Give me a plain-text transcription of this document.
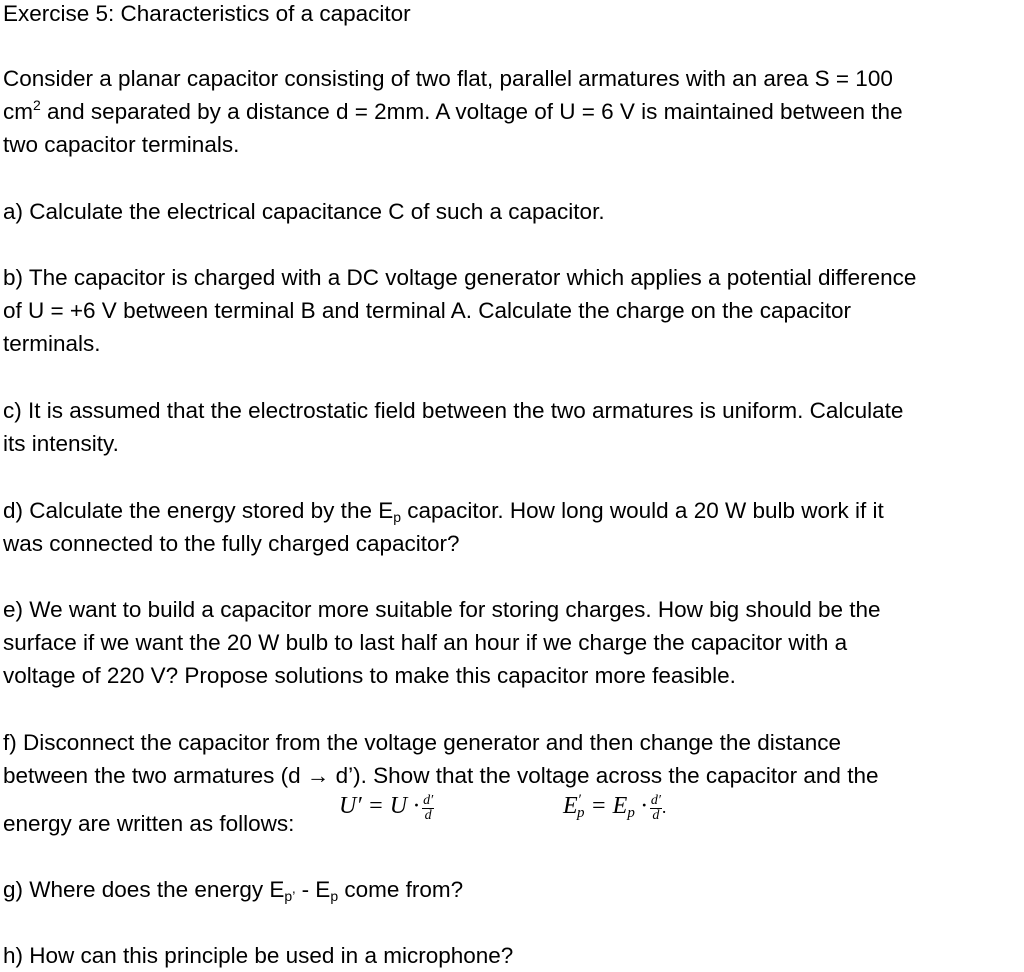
Exercise 5: Characteristics of a capacitor
Consider a planar capacitor consisting of two flat, parallel armatures with an area S = 100
$cm^2$ and separated by a distance d = 2mm. A voltage of U = 6 V is maintained between the
two capacitor terminals.
a) Calculate the electrical capacitance C of such a capacitor.
b) The capacitor is charged with a DC voltage generator which applies a potential difference
of U = +6 V between terminal B and terminal A. Calculate the charge on the capacitor
terminals.
c) It is assumed that the electrostatic field between the two armatures is uniform. Calculate
its intensity.
d) Calculate the energy stored by the $E_p$ capacitor. How long would a 20 W bulb work if it
was connected to the fully charged capacitor?
e) We want to build a capacitor more suitable for storing charges. How big should be the
surface if we want the 20 W bulb to last half an hour if we charge the capacitor with a
voltage of 220 V? Propose solutions to make this capacitor more feasible.
f) Disconnect the capacitor from the voltage generator and then change the distance
between the two armatures (d → d’). Show that the voltage across the capacitor and the
energy are written as follows:
$U' = U \cdot \frac{d'}{d}$	$E'_p = E_p \cdot \frac{d'}{d}$ .
g) Where does the energy $E_{p’} - E_p$ come from?
h) How can this principle be used in a microphone?
